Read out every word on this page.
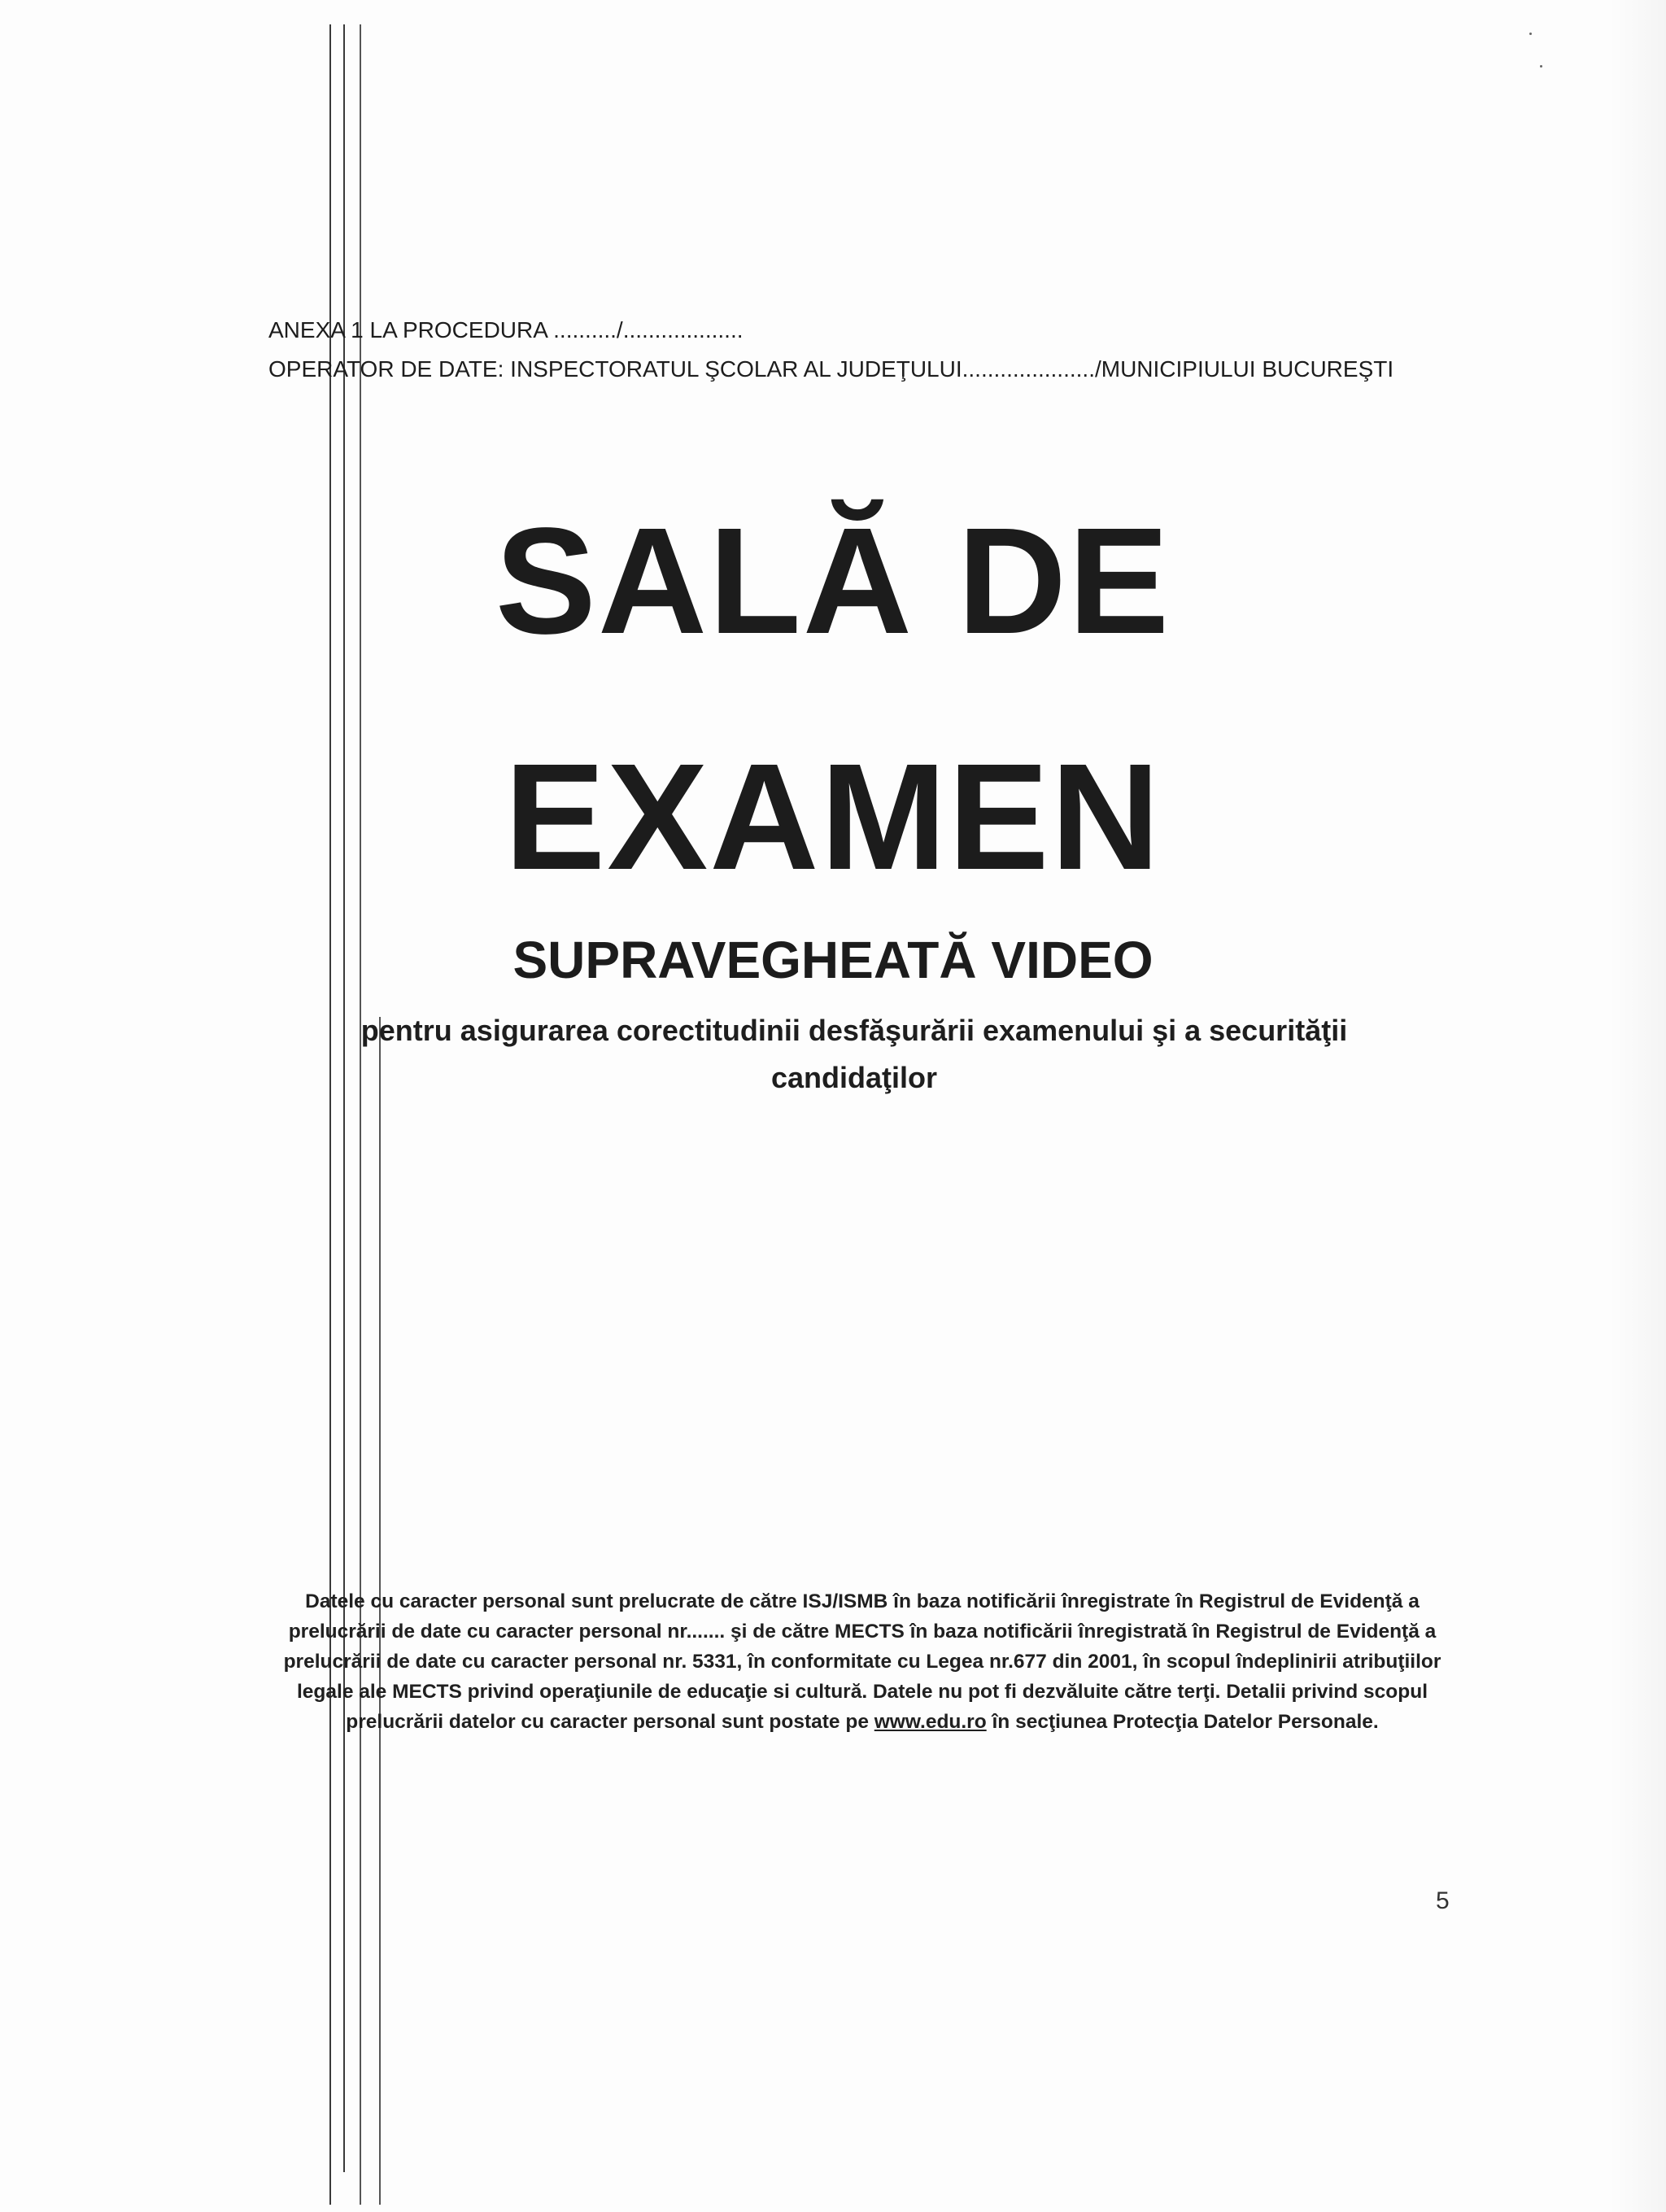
ANEXA 1 LA PROCEDURA ........../...................
OPERATOR DE DATE: INSPECTORATUL ŞCOLAR AL JUDEŢULUI...................../MUNICIPIULUI BUCUREŞTI
SALĂ DE
EXAMEN
SUPRAVEGHEATĂ VIDEO
pentru asigurarea corectitudinii desfăşurării examenului şi a securităţii candidaţilor
Datele cu caracter personal sunt prelucrate de către ISJ/ISMB în baza notificării înregistrate în Registrul de Evidenţă a prelucrării de date cu caracter personal nr....... şi de către MECTS în baza notificării înregistrată în Registrul de Evidenţă a prelucrării de date cu caracter personal nr. 5331, în conformitate cu Legea nr.677 din 2001, în scopul îndeplinirii atribuţiilor legale ale MECTS privind operaţiunile de educaţie si cultură. Datele nu pot fi dezvăluite către terţi. Detalii privind scopul prelucrării datelor cu caracter personal sunt postate pe www.edu.ro în secţiunea Protecţia Datelor Personale.
5
